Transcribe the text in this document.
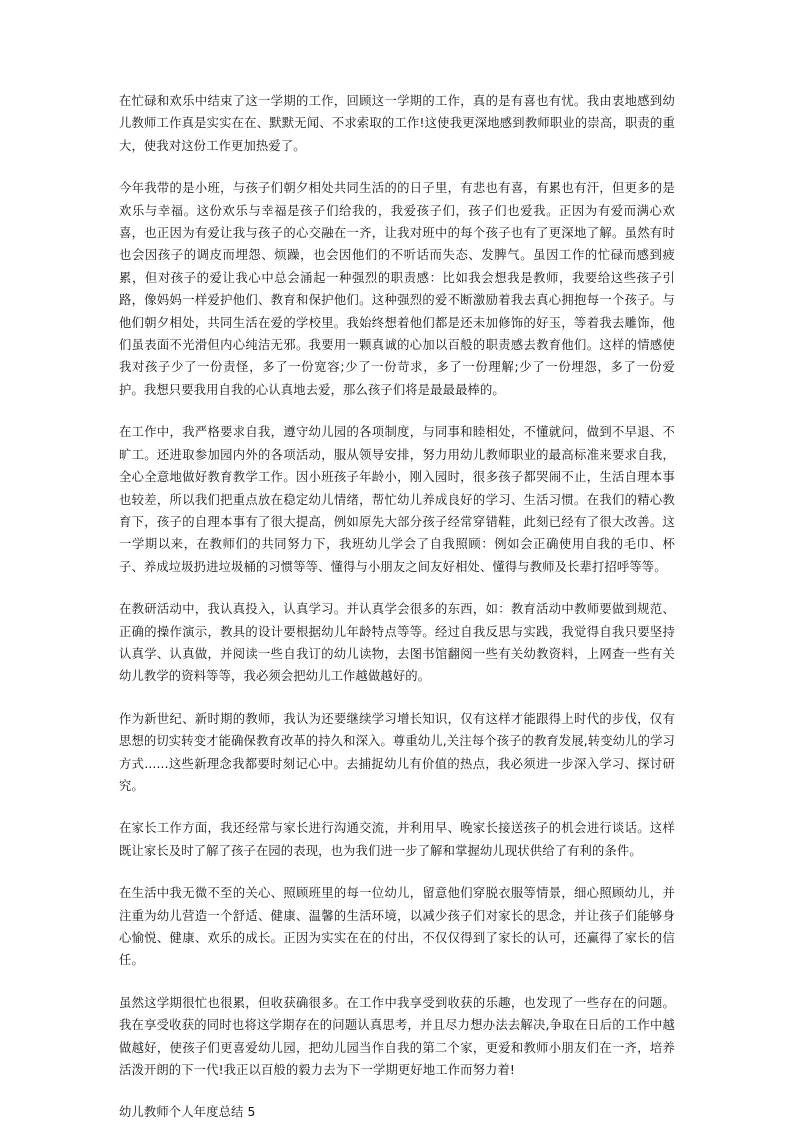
在忙碌和欢乐中结束了这一学期的工作，回顾这一学期的工作，真的是有喜也有忧。我由衷地感到幼儿教师工作真是实实在在、默默无闻、不求索取的工作!这使我更深地感到教师职业的崇高，职责的重大，使我对这份工作更加热爱了。

今年我带的是小班，与孩子们朝夕相处共同生活的的日子里，有悲也有喜，有累也有汗，但更多的是欢乐与幸福。这份欢乐与幸福是孩子们给我的，我爱孩子们，孩子们也爱我。正因为有爱而满心欢喜，也正因为有爱让我与孩子的心交融在一齐，让我对班中的每个孩子也有了更深地了解。虽然有时也会因孩子的调皮而埋怨、烦躁，也会因他们的不听话而失态、发脾气。虽因工作的忙碌而感到疲累，但对孩子的爱让我心中总会涌起一种强烈的职责感：比如我会想我是教师，我要给这些孩子引路，像妈妈一样爱护他们、教育和保护他们。这种强烈的爱不断激励着我去真心拥抱每一个孩子。与他们朝夕相处，共同生活在爱的学校里。我始终想着他们都是还未加修饰的好玉，等着我去雕饰，他们虽表面不光滑但内心纯洁无邪。我要用一颗真诚的心加以百般的职责感去教育他们。这样的情感使我对孩子少了一份责怪，多了一份宽容;少了一份苛求，多了一份理解;少了一份埋怨，多了一份爱护。我想只要我用自我的心认真地去爱，那么孩子们将是最最最棒的。

在工作中，我严格要求自我，遵守幼儿园的各项制度，与同事和睦相处，不懂就问，做到不早退、不旷工。还进取参加园内外的各项活动，服从领导安排，努力用幼儿教师职业的最高标准来要求自我，全心全意地做好教育教学工作。因小班孩子年龄小，刚入园时，很多孩子都哭闹不止，生活自理本事也较差，所以我们把重点放在稳定幼儿情绪，帮忙幼儿养成良好的学习、生活习惯。在我们的精心教育下，孩子的自理本事有了很大提高，例如原先大部分孩子经常穿错鞋，此刻已经有了很大改善。这一学期以来，在教师们的共同努力下，我班幼儿学会了自我照顾：例如会正确使用自我的毛巾、杯子、养成垃圾扔进垃圾桶的习惯等等、懂得与小朋友之间友好相处、懂得与教师及长辈打招呼等等。

在教研活动中，我认真投入，认真学习。并认真学会很多的东西，如：教育活动中教师要做到规范、正确的操作演示，教具的设计要根据幼儿年龄特点等等。经过自我反思与实践，我觉得自我只要坚持认真学、认真做，并阅读一些自我订的幼儿读物，去图书馆翻阅一些有关幼教资料，上网查一些有关幼儿教学的资料等等，我必须会把幼儿工作越做越好的。

作为新世纪、新时期的教师，我认为还要继续学习增长知识，仅有这样才能跟得上时代的步伐，仅有思想的切实转变才能确保教育改革的持久和深入。尊重幼儿,关注每个孩子的教育发展,转变幼儿的学习方式......这些新理念我都要时刻记心中。去捕捉幼儿有价值的热点，我必须进一步深入学习、探讨研究。

在家长工作方面，我还经常与家长进行沟通交流，并利用早、晚家长接送孩子的机会进行谈话。这样既让家长及时了解了孩子在园的表现，也为我们进一步了解和掌握幼儿现状供给了有利的条件。

在生活中我无微不至的关心、照顾班里的每一位幼儿，留意他们穿脱衣服等情景，细心照顾幼儿，并注重为幼儿营造一个舒适、健康、温馨的生活环境，以减少孩子们对家长的思念，并让孩子们能够身心愉悦、健康、欢乐的成长。正因为实实在在的付出，不仅仅得到了家长的认可，还赢得了家长的信任。

虽然这学期很忙也很累，但收获确很多。在工作中我享受到收获的乐趣，也发现了一些存在的问题。我在享受收获的同时也将这学期存在的问题认真思考，并且尽力想办法去解决,争取在日后的工作中越做越好，使孩子们更喜爱幼儿园，把幼儿园当作自我的第二个家，更爱和教师小朋友们在一齐，培养活泼开朗的下一代!我正以百般的毅力去为下一学期更好地工作而努力着!

幼儿教师个人年度总结 5
